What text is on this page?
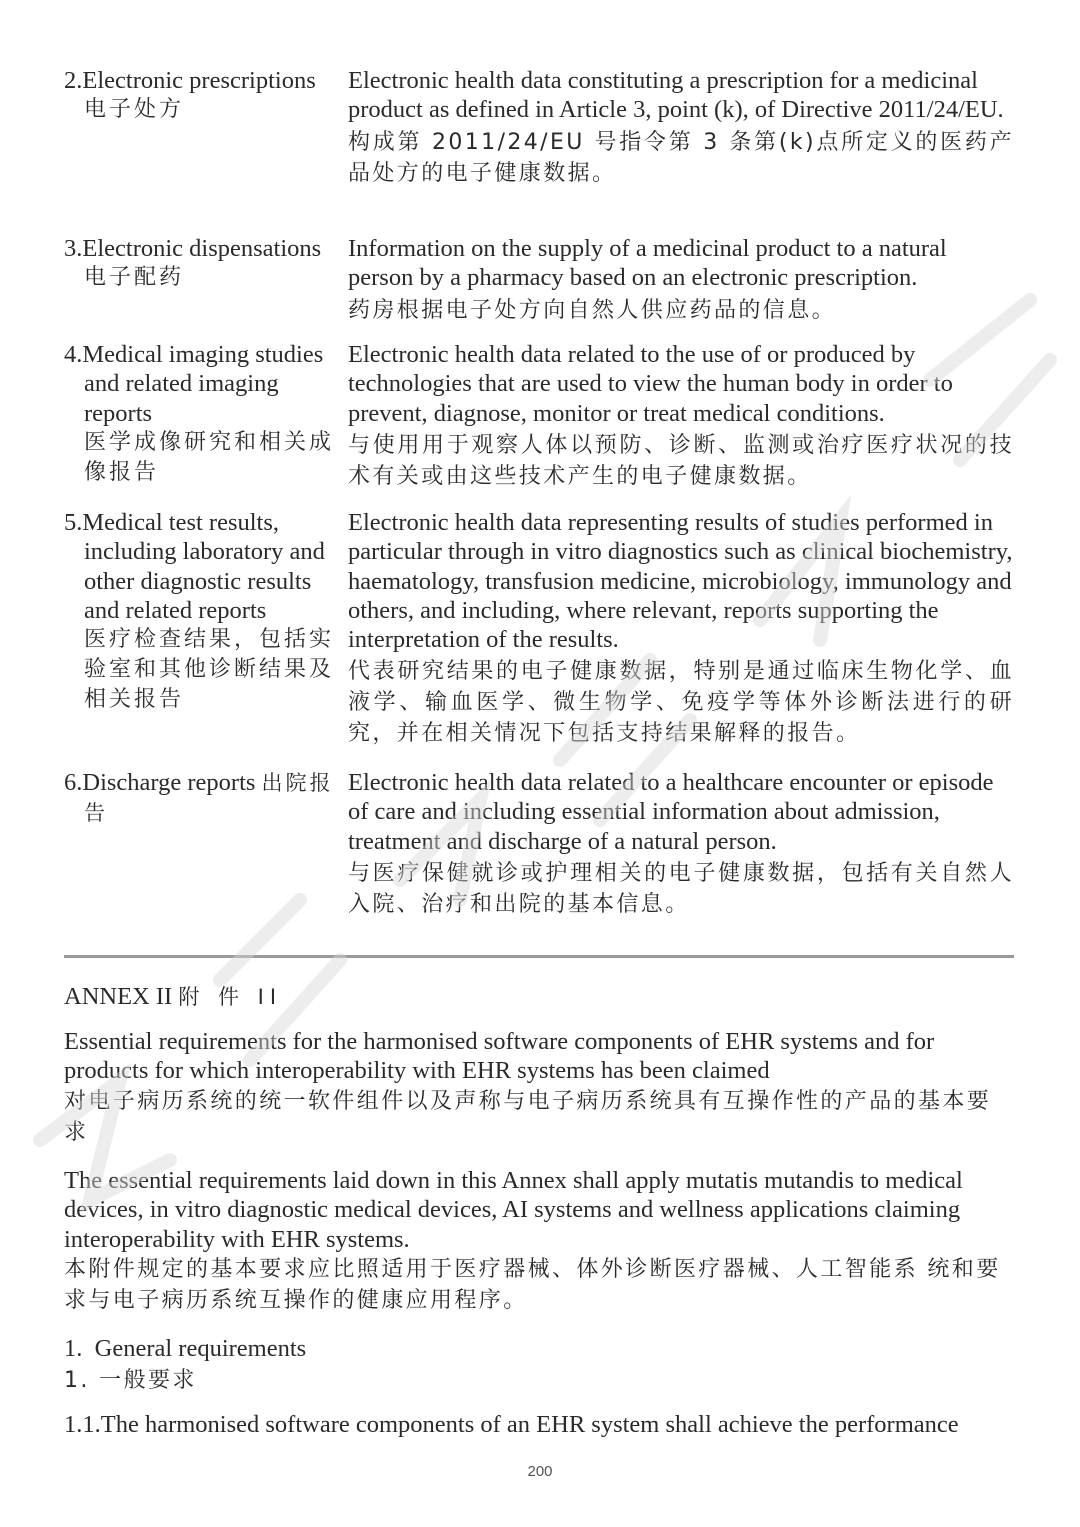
2.Electronic prescriptions
电子处方
Electronic health data constituting a prescription for a medicinal product as defined in Article 3, point (k), of Directive 2011/24/EU.
构成第 2011/24/EU 号指令第 3 条第(k)点所定义的医药产品处方的电子健康数据。
3.Electronic dispensations
电子配药
Information on the supply of a medicinal product to a natural person by a pharmacy based on an electronic prescription.
药房根据电子处方向自然人供应药品的信息。
4.Medical imaging studies and related imaging reports
医学成像研究和相关成像报告
Electronic health data related to the use of or produced by technologies that are used to view the human body in order to prevent, diagnose, monitor or treat medical conditions.
与使用用于观察人体以预防、诊断、监测或治疗医疗状况的技术有关或由这些技术产生的电子健康数据。
5.Medical test results, including laboratory and other diagnostic results and related reports
医疗检查结果，包括实验室和其他诊断结果及相关报告
Electronic health data representing results of studies performed in particular through in vitro diagnostics such as clinical biochemistry, haematology, transfusion medicine, microbiology, immunology and others, and including, where relevant, reports supporting the interpretation of the results.
代表研究结果的电子健康数据，特别是通过临床生物化学、血液学、输血医学、微生物学、免疫学等体外诊断法进行的研究，并在相关情况下包括支持结果解释的报告。
6.Discharge reports 出院报告
Electronic health data related to a healthcare encounter or episode of care and including essential information about admission, treatment and discharge of a natural person.
与医疗保健就诊或护理相关的电子健康数据，包括有关自然人入院、治疗和出院的基本信息。
ANNEX II 附 件 II
Essential requirements for the harmonised software components of EHR systems and for products for which interoperability with EHR systems has been claimed
对电子病历系统的统一软件组件以及声称与电子病历系统具有互操作性的产品的基本要求
The essential requirements laid down in this Annex shall apply mutatis mutandis to medical devices, in vitro diagnostic medical devices, AI systems and wellness applications claiming interoperability with EHR systems.
本附件规定的基本要求应比照适用于医疗器械、体外诊断医疗器械、人工智能系 统和要求与电子病历系统互操作的健康应用程序。
1.  General requirements
1. 一般要求
1.1.The harmonised software components of an EHR system shall achieve the performance
200
